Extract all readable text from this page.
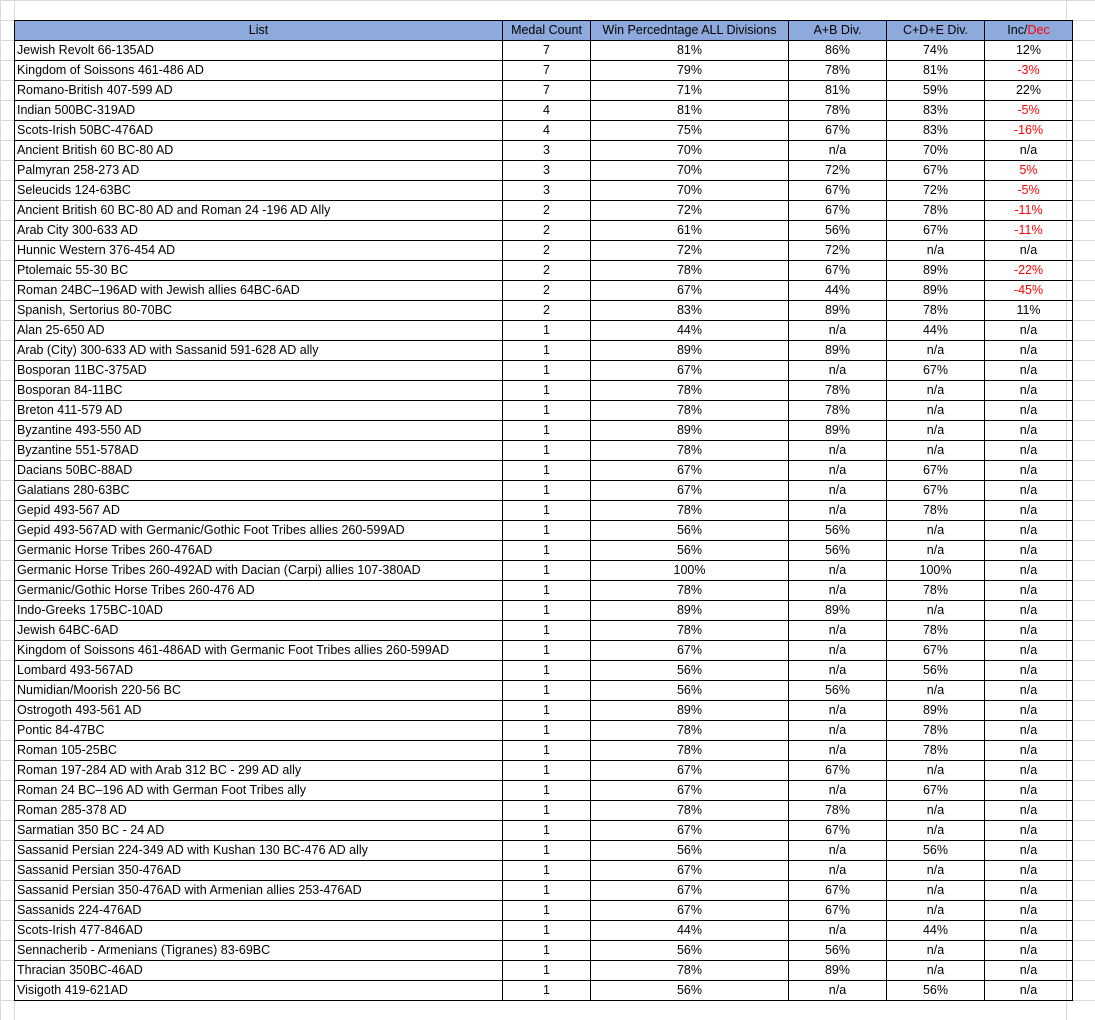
List	Medal Count	Win Percedntage ALL Divisions	A+B Div.	C+D+E Div.	Inc/Dec
Jewish Revolt 66-135AD	7	81%	86%	74%	12%
Kingdom of Soissons 461-486 AD	7	79%	78%	81%	-3%
Romano-British 407-599 AD	7	71%	81%	59%	22%
Indian 500BC-319AD	4	81%	78%	83%	-5%
Scots-Irish 50BC-476AD	4	75%	67%	83%	-16%
Ancient British 60 BC-80 AD	3	70%	n/a	70%	n/a
Palmyran 258-273 AD	3	70%	72%	67%	5%
Seleucids 124-63BC	3	70%	67%	72%	-5%
Ancient British 60 BC-80 AD and Roman 24 -196 AD Ally	2	72%	67%	78%	-11%
Arab City 300-633 AD	2	61%	56%	67%	-11%
Hunnic Western 376-454 AD	2	72%	72%	n/a	n/a
Ptolemaic 55-30 BC	2	78%	67%	89%	-22%
Roman 24BC–196AD with Jewish allies 64BC-6AD	2	67%	44%	89%	-45%
Spanish, Sertorius 80-70BC	2	83%	89%	78%	11%
Alan 25-650 AD	1	44%	n/a	44%	n/a
Arab (City) 300-633 AD with Sassanid 591-628 AD ally	1	89%	89%	n/a	n/a
Bosporan 11BC-375AD	1	67%	n/a	67%	n/a
Bosporan 84-11BC	1	78%	78%	n/a	n/a
Breton 411-579 AD	1	78%	78%	n/a	n/a
Byzantine 493-550 AD	1	89%	89%	n/a	n/a
Byzantine 551-578AD	1	78%	n/a	n/a	n/a
Dacians 50BC-88AD	1	67%	n/a	67%	n/a
Galatians 280-63BC	1	67%	n/a	67%	n/a
Gepid 493-567 AD	1	78%	n/a	78%	n/a
Gepid 493-567AD with Germanic/Gothic Foot Tribes allies 260-599AD	1	56%	56%	n/a	n/a
Germanic Horse Tribes 260-476AD	1	56%	56%	n/a	n/a
Germanic Horse Tribes 260-492AD with Dacian (Carpi) allies 107-380AD	1	100%	n/a	100%	n/a
Germanic/Gothic Horse Tribes 260-476 AD	1	78%	n/a	78%	n/a
Indo-Greeks 175BC-10AD	1	89%	89%	n/a	n/a
Jewish 64BC-6AD	1	78%	n/a	78%	n/a
Kingdom of Soissons 461-486AD with Germanic Foot Tribes allies 260-599AD	1	67%	n/a	67%	n/a
Lombard 493-567AD	1	56%	n/a	56%	n/a
Numidian/Moorish 220-56 BC	1	56%	56%	n/a	n/a
Ostrogoth 493-561 AD	1	89%	n/a	89%	n/a
Pontic 84-47BC	1	78%	n/a	78%	n/a
Roman 105-25BC	1	78%	n/a	78%	n/a
Roman 197-284 AD with Arab 312 BC - 299 AD ally	1	67%	67%	n/a	n/a
Roman 24 BC–196 AD with German Foot Tribes ally	1	67%	n/a	67%	n/a
Roman 285-378 AD	1	78%	78%	n/a	n/a
Sarmatian 350 BC - 24 AD	1	67%	67%	n/a	n/a
Sassanid Persian 224-349 AD with Kushan 130 BC-476 AD ally	1	56%	n/a	56%	n/a
Sassanid Persian 350-476AD	1	67%	n/a	n/a	n/a
Sassanid Persian 350-476AD with Armenian allies 253-476AD	1	67%	67%	n/a	n/a
Sassanids 224-476AD	1	67%	67%	n/a	n/a
Scots-Irish 477-846AD	1	44%	n/a	44%	n/a
Sennacherib - Armenians (Tigranes) 83-69BC	1	56%	56%	n/a	n/a
Thracian 350BC-46AD	1	78%	89%	n/a	n/a
Visigoth 419-621AD	1	56%	n/a	56%	n/a
